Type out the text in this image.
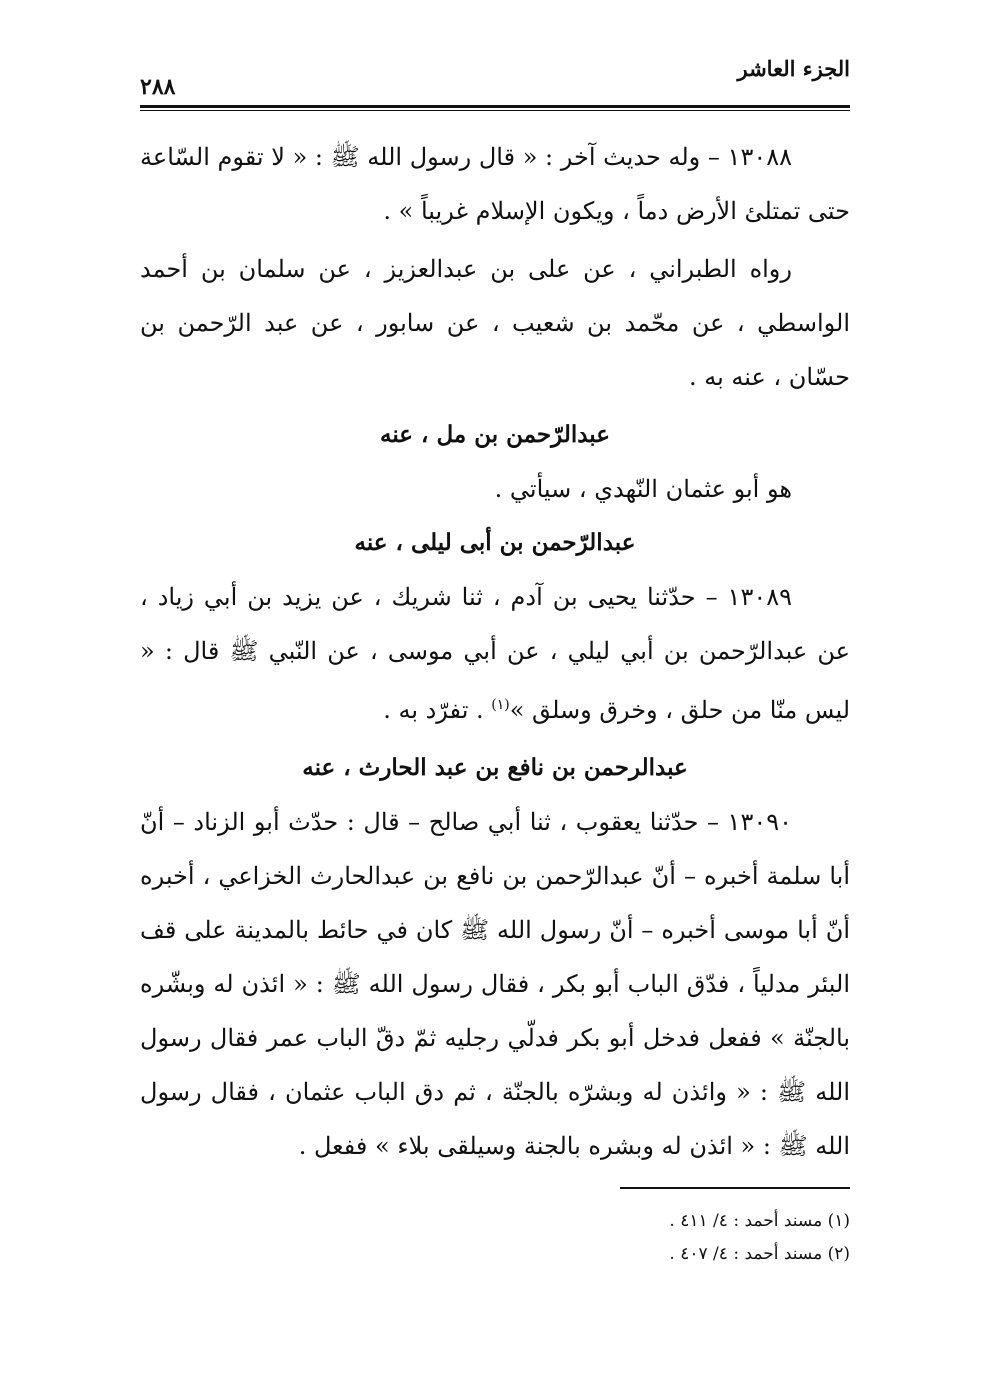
الجزء العاشر
٢٨٨

١٣٠٨٨ – وله حديث آخر : « قال رسول الله ﷺ : « لا تقوم السّاعة حتى تمتلئ الأرض دماً ، ويكون الإسلام غريباً » .

رواه الطبراني ، عن على بن عبدالعزيز ، عن سلمان بن أحمد الواسطي ، عن محّمد بن شعيب ، عن سابور ، عن عبد الرّحمن بن حسّان ، عنه به .

عبدالرّحمن بن مل ، عنه

هو أبو عثمان النّهدي ، سيأتي .

عبدالرّحمن بن أبى ليلى ، عنه

١٣٠٨٩ – حدّثنا يحيى بن آدم ، ثنا شريك ، عن يزيد بن أبي زياد ، عن عبدالرّحمن بن أبي ليلي ، عن أبي موسى ، عن النّبي ﷺ قال : « ليس منّا من حلق ، وخرق وسلق »$^{(١)}$ . تفرّد به .

عبدالرحمن بن نافع بن عبد الحارث ، عنه

١٣٠٩٠ – حدّثنا يعقوب ، ثنا أبي صالح – قال : حدّث أبو الزناد – أنّ أبا سلمة أخبره – أنّ عبدالرّحمن بن نافع بن عبدالحارث الخزاعي ، أخبره أنّ أبا موسى أخبره – أنّ رسول الله ﷺ كان في حائط بالمدينة على قف البئر مدلياً ، فدّق الباب أبو بكر ، فقال رسول الله ﷺ : « ائذن له وبشّره بالجنّة » ففعل فدخل أبو بكر فدلّي رجليه ثمّ دقّ الباب عمر فقال رسول الله ﷺ : « وائذن له وبشرّه بالجنّة ، ثم دق الباب عثمان ، فقال رسول الله ﷺ : « ائذن له وبشره بالجنة وسيلقى بلاء » ففعل .

(١) مسند أحمد : ٤/ ٤١١ .

(٢) مسند أحمد : ٤/ ٤٠٧ .
